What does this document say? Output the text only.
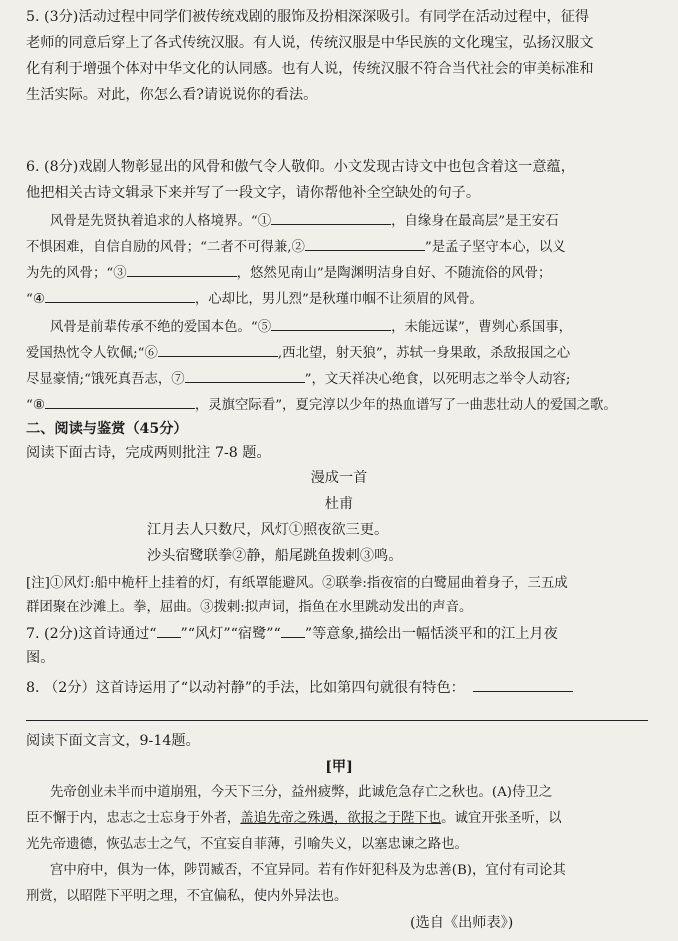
5. (3分)活动过程中同学们被传统戏剧的服饰及扮相深深吸引。有同学在活动过程中，征得
老师的同意后穿上了各式传统汉服。有人说，传统汉服是中华民族的文化瑰宝，弘扬汉服文
化有利于增强个体对中华文化的认同感。也有人说，传统汉服不符合当代社会的审美标准和
生活实际。对此，你怎么看?请说说你的看法。
6. (8分)戏剧人物彰显出的风骨和傲气令人敬仰。小文发现古诗文中也包含着这一意蕴，
他把相关古诗文辑录下来并写了一段文字，请你帮他补全空缺处的句子。
风骨是先贤执着追求的人格境界。“①	，自缘身在最高层”是王安石
不惧困难，自信自励的风骨；“二者不可得兼,②	”是孟子坚守本心，以义
为先的风骨；“③	，悠然见南山”是陶渊明洁身自好、不随流俗的风骨；
“④	，心却比，男儿烈”是秋瑾巾帼不让须眉的风骨。
风骨是前辈传承不绝的爱国本色。“⑤	，未能远谋”，曹刿心系国事，
爱国热忱令人钦佩;“⑥	,西北望，射天狼”，苏轼一身果敢，杀敌报国之心
尽显豪情;“饿死真吾志，⑦	”，文天祥决心绝食，以死明志之举令人动容;
“⑧	，灵旗空际看”，夏完淳以少年的热血谱写了一曲悲壮动人的爱国之歌。
二、阅读与鉴赏（45分）
阅读下面古诗，完成两则批注 7-8 题。
漫成一首
杜甫
江月去人只数尺，风灯①照夜欲三更。
沙头宿鹭联拳②静，船尾跳鱼拨剌③鸣。
[注]①风灯:船中桅杆上挂着的灯，有纸罩能避风。②联拳:指夜宿的白鹭屈曲着身子，三五成
群团聚在沙滩上。拳，屈曲。③拨剌:拟声词，指鱼在水里跳动发出的声音。
7. (2分)这首诗通过“ ”“风灯”“宿鹭”“ ”等意象,描绘出一幅恬淡平和的江上月夜
图。
8. （2分）这首诗运用了“以动衬静”的手法，比如第四句就很有特色：
阅读下面文言文，9-14题。
[甲]
先帝创业未半而中道崩殂，今天下三分，益州疲弊，此诚危急存亡之秋也。(A)侍卫之
臣不懈于内，忠志之士忘身于外者，盖追先帝之殊遇，欲报之于陛下也。诚宜开张圣听，以
光先帝遗德，恢弘志士之气，不宜妄自菲薄，引喻失义，以塞忠谏之路也。
宫中府中，俱为一体，陟罚臧否，不宜异同。若有作奸犯科及为忠善(B)，宜付有司论其
刑赏，以昭陛下平明之理，不宜偏私，使内外异法也。
(选自《出师表》)
